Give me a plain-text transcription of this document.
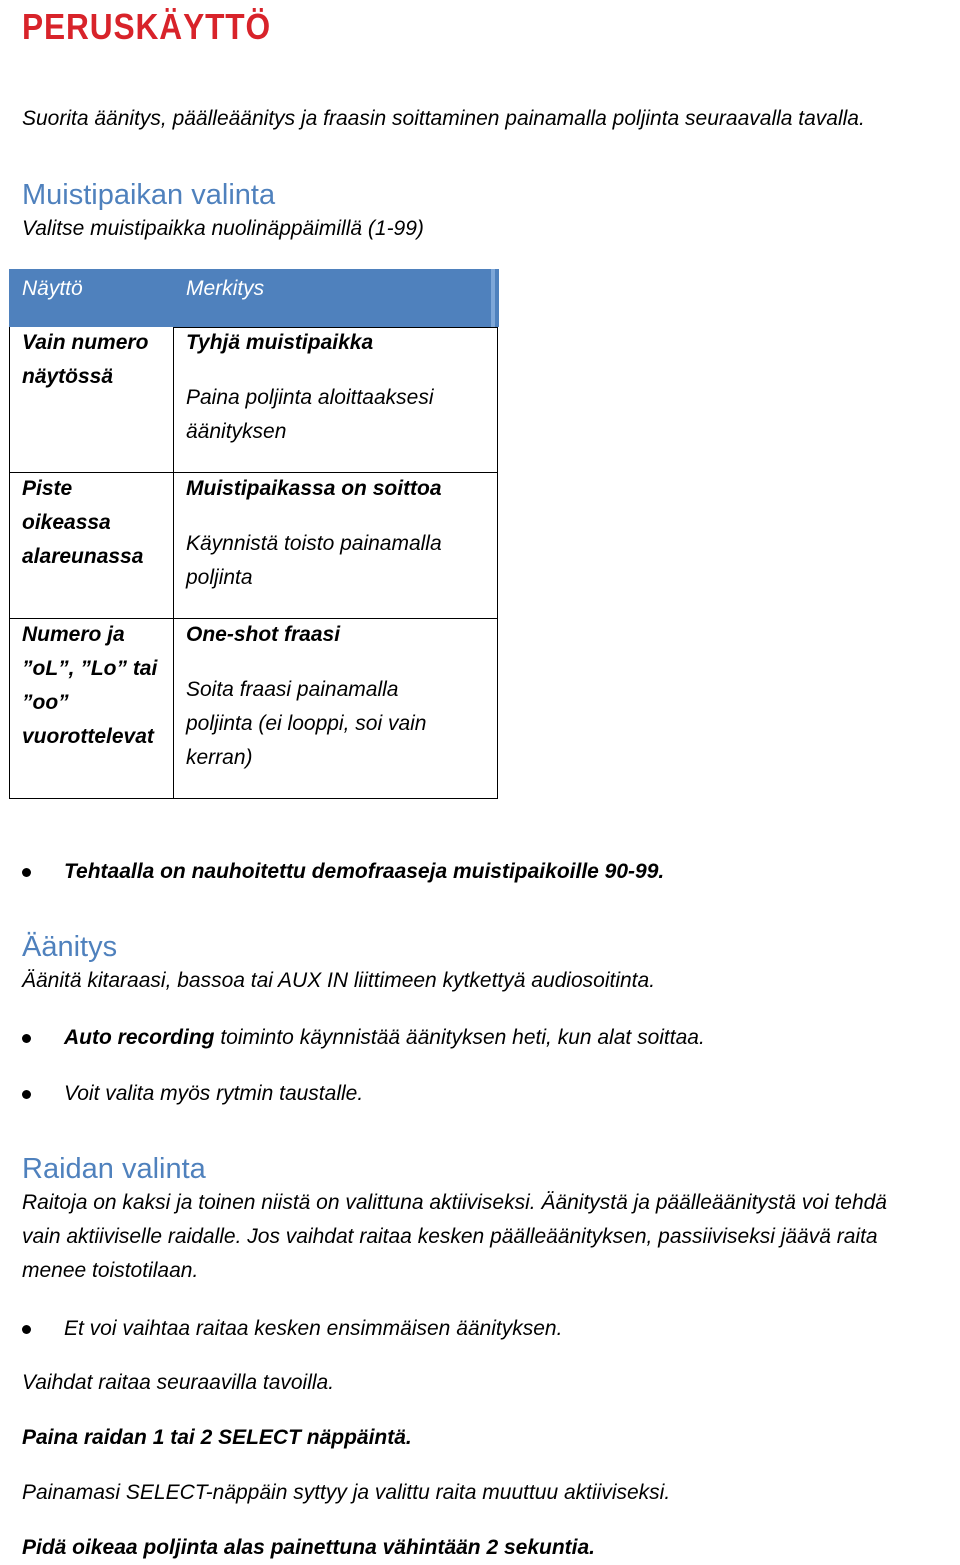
PERUSKÄYTTÖ
Suorita äänitys, päälleäänitys ja fraasin soittaminen painamalla poljinta seuraavalla tavalla.
Muistipaikan valinta
Valitse muistipaikka nuolinäppäimillä (1-99)
Näyttö	Merkitys
Vain numero
näytössä
Tyhjä muistipaikka
Paina poljinta aloittaaksesi
äänityksen
Piste
oikeassa
alareunassa
Muistipaikassa on soittoa
Käynnistä toisto painamalla
poljinta
Numero ja
”oL”, ”Lo” tai
”oo”
vuorottelevat
One-shot fraasi
Soita fraasi painamalla
poljinta (ei looppi, soi vain
kerran)
Tehtaalla on nauhoitettu demofraaseja muistipaikoille 90-99.
Äänitys
Äänitä kitaraasi, bassoa tai AUX IN liittimeen kytkettyä audiosoitinta.
Auto recording toiminto käynnistää äänityksen heti, kun alat soittaa.
Voit valita myös rytmin taustalle.
Raidan valinta
Raitoja on kaksi ja toinen niistä on valittuna aktiiviseksi. Äänitystä ja päälleäänitystä voi tehdä
vain aktiiviselle raidalle. Jos vaihdat raitaa kesken päälleäänityksen, passiiviseksi jäävä raita
menee toistotilaan.
Et voi vaihtaa raitaa kesken ensimmäisen äänityksen.
Vaihdat raitaa seuraavilla tavoilla.
Paina raidan 1 tai 2 SELECT näppäintä.
Painamasi SELECT-näppäin syttyy ja valittu raita muuttuu aktiiviseksi.
Pidä oikeaa poljinta alas painettuna vähintään 2 sekuntia.
